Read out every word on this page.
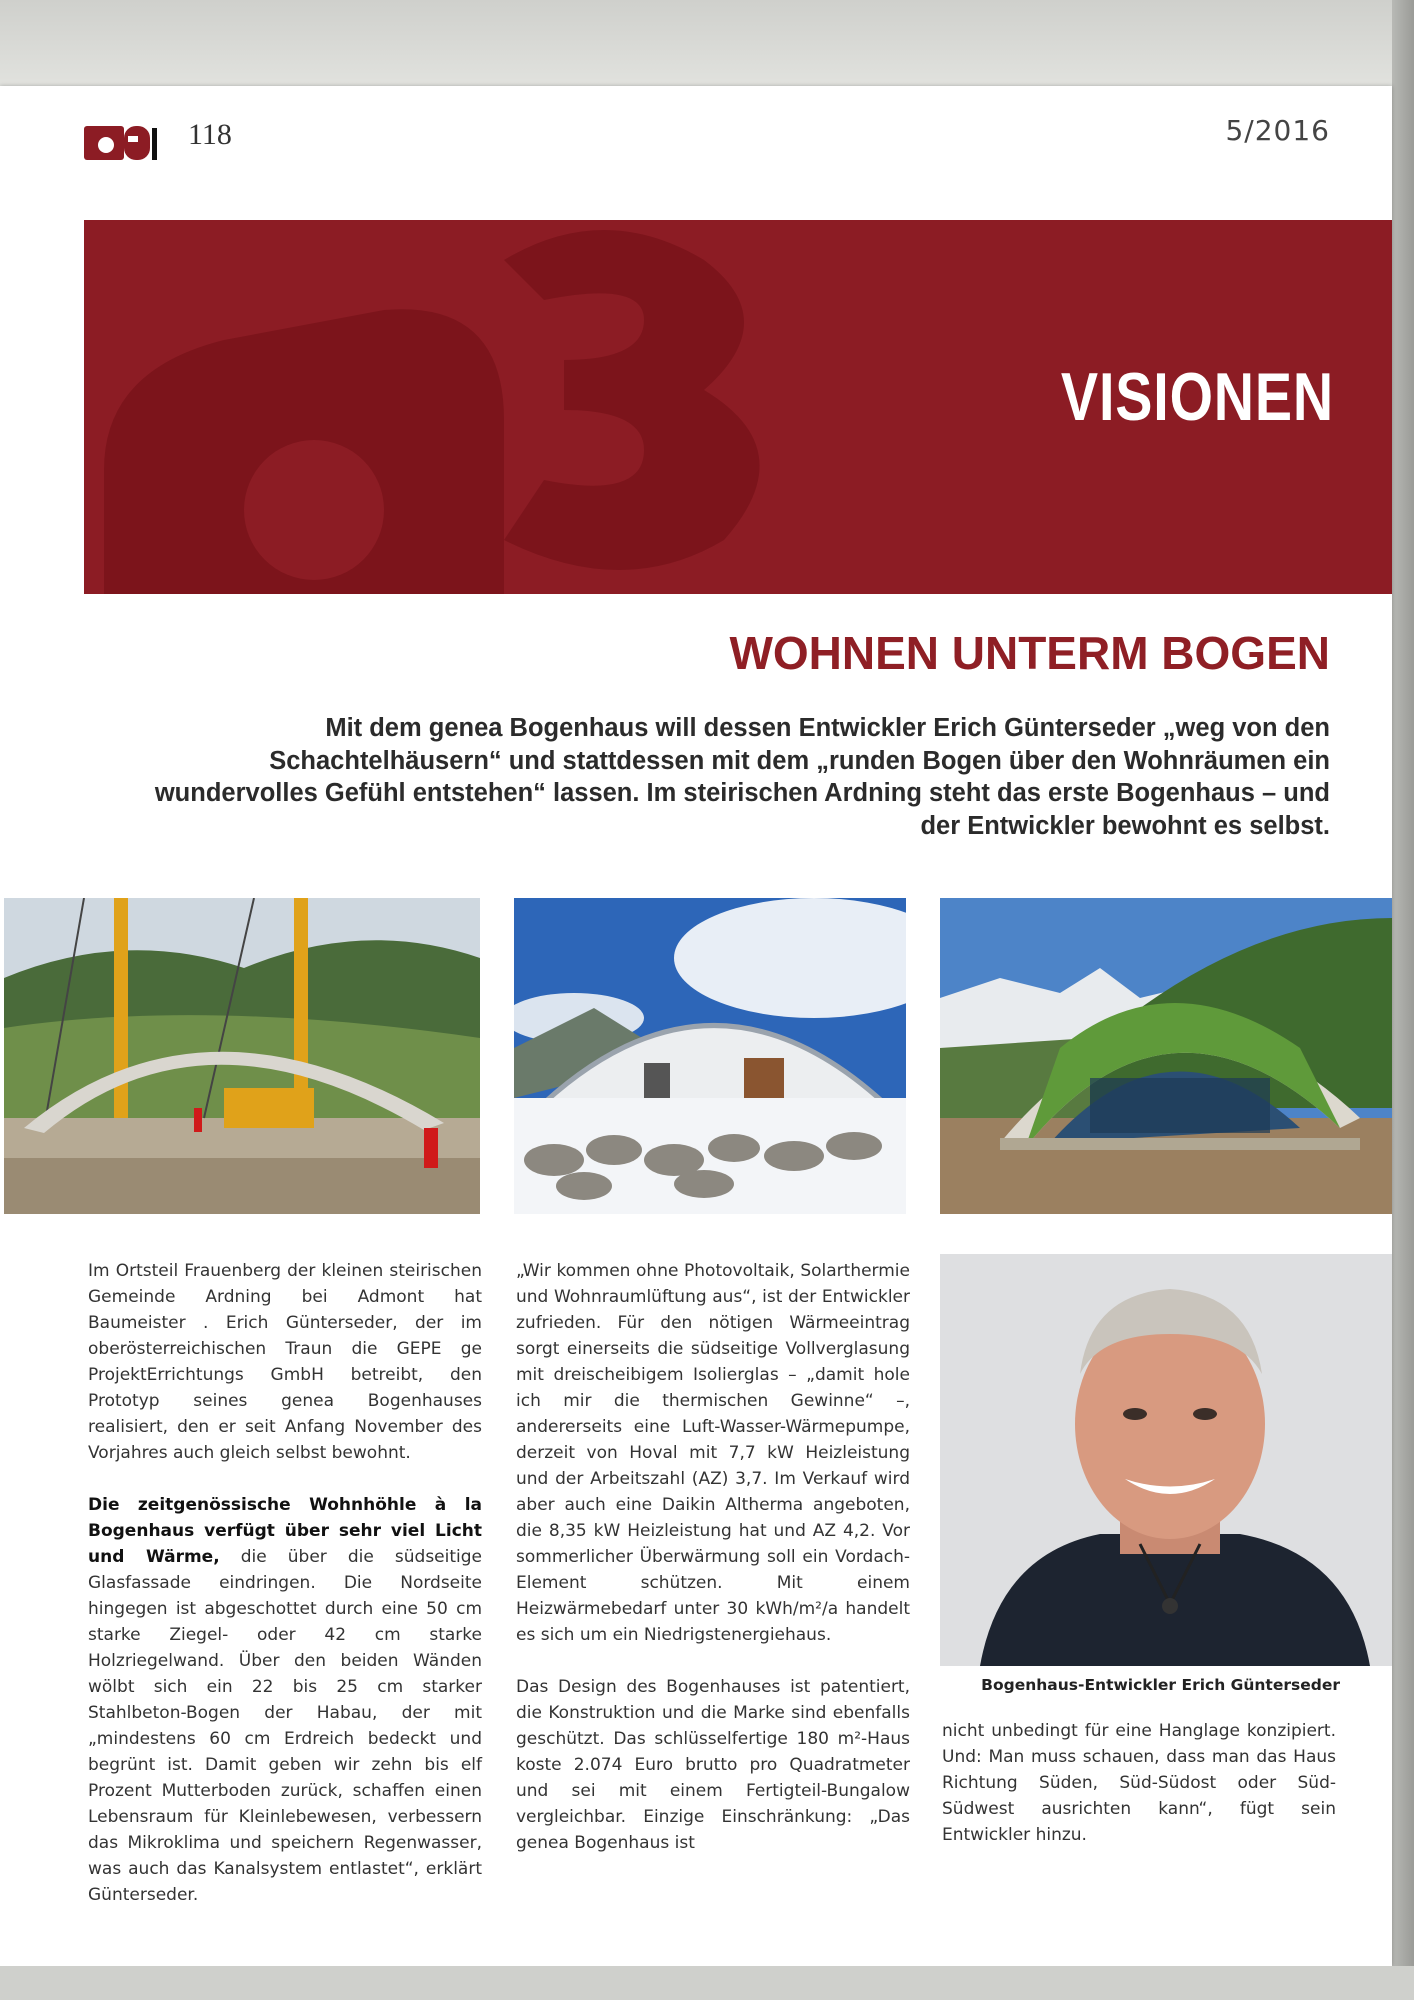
118	5/2016
VISIONEN
WOHNEN UNTERM BOGEN
Mit dem genea Bogenhaus will dessen Entwickler Erich Günterseder „weg von den Schachtelhäusern“ und stattdessen mit dem „runden Bogen über den Wohnräumen ein wundervolles Gefühl entstehen“ lassen. Im steirischen Ardning steht das erste Bogenhaus – und der Entwickler bewohnt es selbst.

Im Ortsteil Frauenberg der kleinen steirischen Gemeinde Ardning bei Admont hat Baumeister . Erich Günterseder, der im oberösterreichischen Traun die GEPE ge ProjektErrichtungs GmbH betreibt, den Prototyp seines genea Bogenhauses realisiert, den er seit Anfang November des Vorjahres auch gleich selbst bewohnt.

Die zeitgenössische Wohnhöhle à la Bogenhaus verfügt über sehr viel Licht und Wärme, die über die südseitige Glasfassade eindringen. Die Nordseite hingegen ist abgeschottet durch eine 50 cm starke Ziegel- oder 42 cm starke Holzriegelwand. Über den beiden Wänden wölbt sich ein 22 bis 25 cm starker Stahlbeton-Bogen der Habau, der mit „mindestens 60 cm Erdreich bedeckt und begrünt ist. Damit geben wir zehn bis elf Prozent Mutterboden zurück, schaffen einen Lebensraum für Kleinlebewesen, verbessern das Mikroklima und speichern Regenwasser, was auch das Kanalsystem entlastet“, erklärt Günterseder.

„Wir kommen ohne Photovoltaik, Solarthermie und Wohnraumlüftung aus“, ist der Entwickler zufrieden. Für den nötigen Wärmeeintrag sorgt einerseits die südseitige Vollverglasung mit dreischeibigem Isolierglas – „damit hole ich mir die thermischen Gewinne“ –, andererseits eine Luft-Wasser-Wärmepumpe, derzeit von Hoval mit 7,7 kW Heizleistung und der Arbeitszahl (AZ) 3,7. Im Verkauf wird aber auch eine Daikin Altherma angeboten, die 8,35 kW Heizleistung hat und AZ 4,2. Vor sommerlicher Überwärmung soll ein Vordach-Element schützen. Mit einem Heizwärmebedarf unter 30 kWh/m²/a handelt es sich um ein Niedrigstenergiehaus.

Das Design des Bogenhauses ist patentiert, die Konstruktion und die Marke sind ebenfalls geschützt. Das schlüsselfertige 180 m²-Haus koste 2.074 Euro brutto pro Quadratmeter und sei mit einem Fertigteil-Bungalow vergleichbar. Einzige Einschränkung: „Das genea Bogenhaus ist

Bogenhaus-Entwickler Erich Günterseder

nicht unbedingt für eine Hanglage konzipiert. Und: Man muss schauen, dass man das Haus Richtung Süden, Süd-Südost oder Süd-Südwest ausrichten kann“, fügt sein Entwickler hinzu.
